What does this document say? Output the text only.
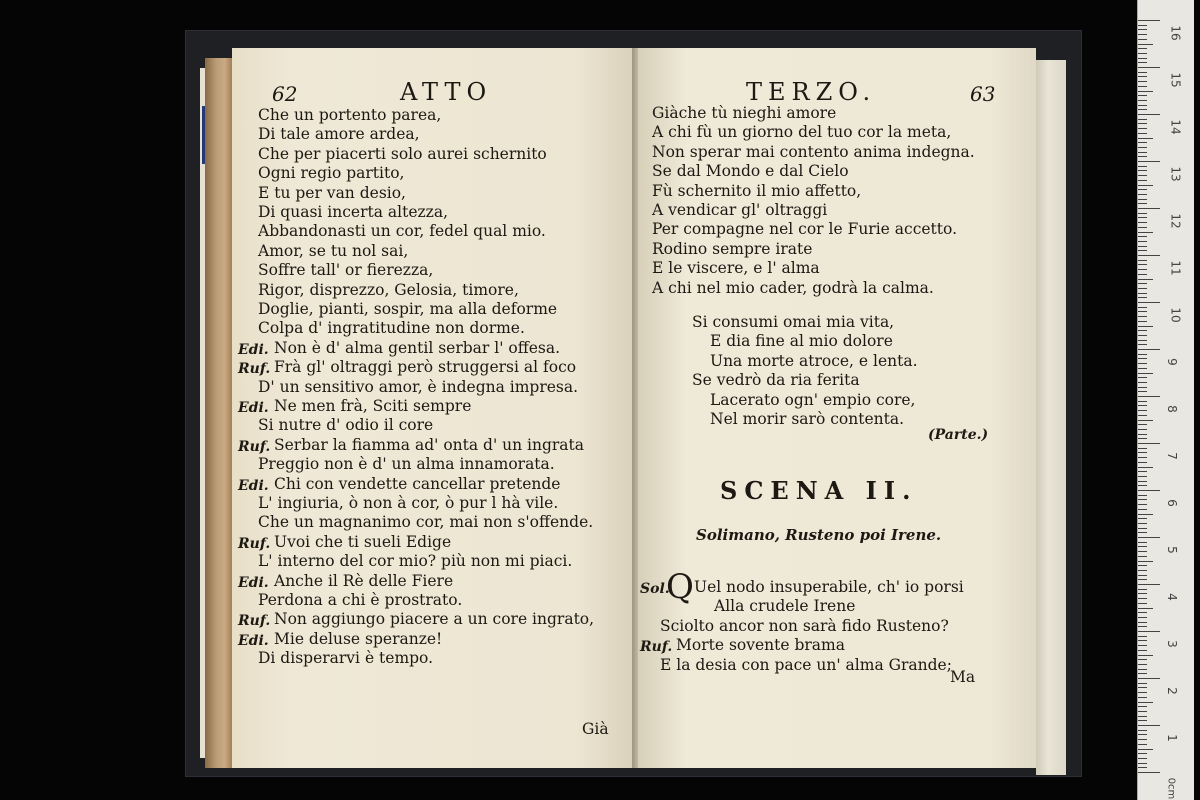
16
15
14
13
12
11
10
9
8
7
6
5
4
3
2
1
0cm
62	ATTO
Già
Che un portento parea,
Di tale amore ardea,
Che per piacerti solo aurei schernito
Ogni regio partito,
E tu per van desio,
Di quasi incerta altezza,
Abbandonasti un cor, fedel qual mio.
Amor, se tu nol sai,
Soffre tall' or fierezza,
Rigor, disprezzo, Gelosia, timore,
Doglie, pianti, sospir, ma alla deforme
Colpa d' ingratitudine non dorme.
Edi. Non è d' alma gentil serbar l' offesa.
Ruf. Frà gl' oltraggi però struggersi al foco
D' un sensitivo amor, è indegna impresa.
Edi. Ne men frà, Sciti sempre
Si nutre d' odio il core
Ruf. Serbar la fiamma ad' onta d' un ingrata
Preggio non è d' un alma innamorata.
Edi. Chi con vendette cancellar pretende
L' ingiuria, ò non à cor, ò pur l hà vile.
Che un magnanimo cor, mai non s'offende.
Ruf. Uvoi che ti sueli Edige
L' interno del cor mio? più non mi piaci.
Edi. Anche il Rè delle Fiere
Perdona a chi è prostrato.
Ruf. Non aggiungo piacere a un core ingrato,
Edi. Mie deluse speranze!
Di disperarvi è tempo.
TERZO.	63
(Parte.)
SCENA II.
Solimano, Rusteno poi Irene.
Q
Ma
Giàche tù nieghi amore
A chi fù un giorno del tuo cor la meta,
Non sperar mai contento anima indegna.
Se dal Mondo e dal Cielo
Fù schernito il mio affetto,
A vendicar gl' oltraggi
Per compagne nel cor le Furie accetto.
Rodino sempre irate
E le viscere, e l' alma
A chi nel mio cader, godrà la calma.
Si consumi omai mia vita,
E dia fine al mio dolore
Una morte atroce, e lenta.
Se vedrò da ria ferita
Lacerato ogn' empio core,
Nel morir sarò contenta.
Sol. Uel nodo insuperabile, ch' io porsi
Alla crudele Irene
Sciolto ancor non sarà fido Rusteno?
Ruf. Morte sovente brama
E la desia con pace un' alma Grande;
